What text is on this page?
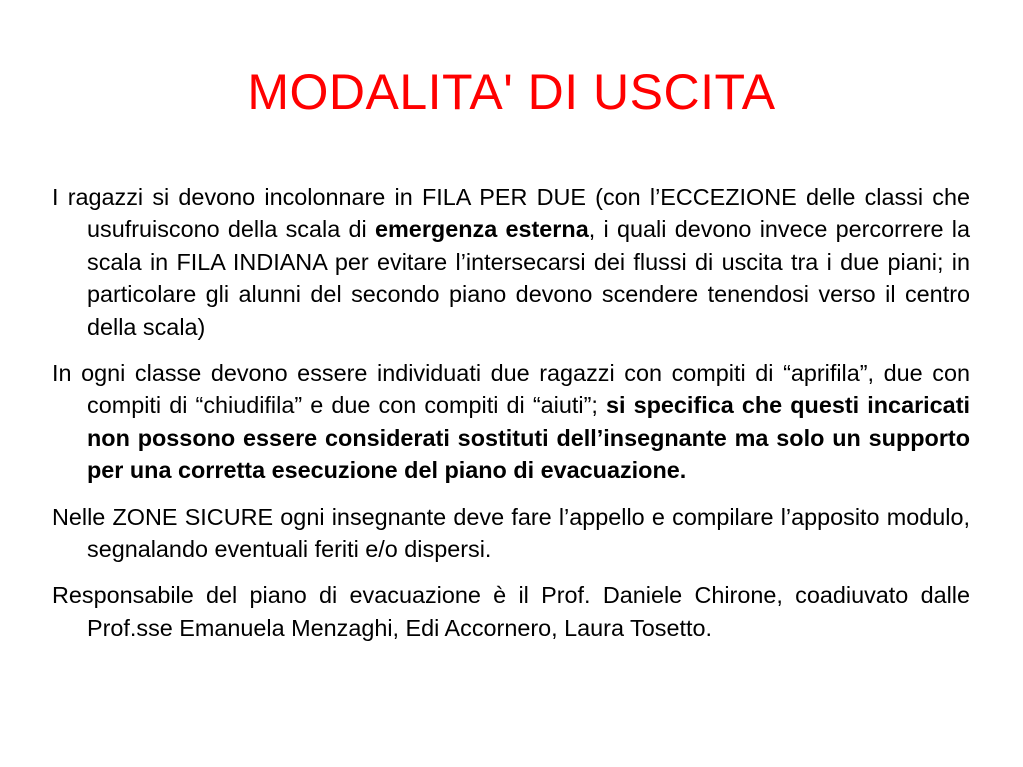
MODALITA' DI USCITA

I ragazzi si devono incolonnare in FILA PER DUE (con l’ECCEZIONE delle classi che usufruiscono della scala di emergenza esterna, i quali devono invece percorrere la scala in FILA INDIANA per evitare l’intersecarsi dei flussi di uscita tra i due piani; in particolare gli alunni del secondo piano devono scendere tenendosi verso il centro della scala)

In ogni classe devono essere individuati due ragazzi con compiti di “aprifila”, due con compiti di “chiudifila” e due con compiti di “aiuti”; si specifica che questi incaricati non possono essere considerati sostituti dell’insegnante ma solo un supporto per una corretta esecuzione del piano di evacuazione.

Nelle ZONE SICURE ogni insegnante deve fare l’appello e compilare l’apposito modulo, segnalando eventuali feriti e/o dispersi.

Responsabile del piano di evacuazione è il Prof. Daniele Chirone, coadiuvato dalle Prof.sse Emanuela Menzaghi, Edi Accornero, Laura Tosetto.
